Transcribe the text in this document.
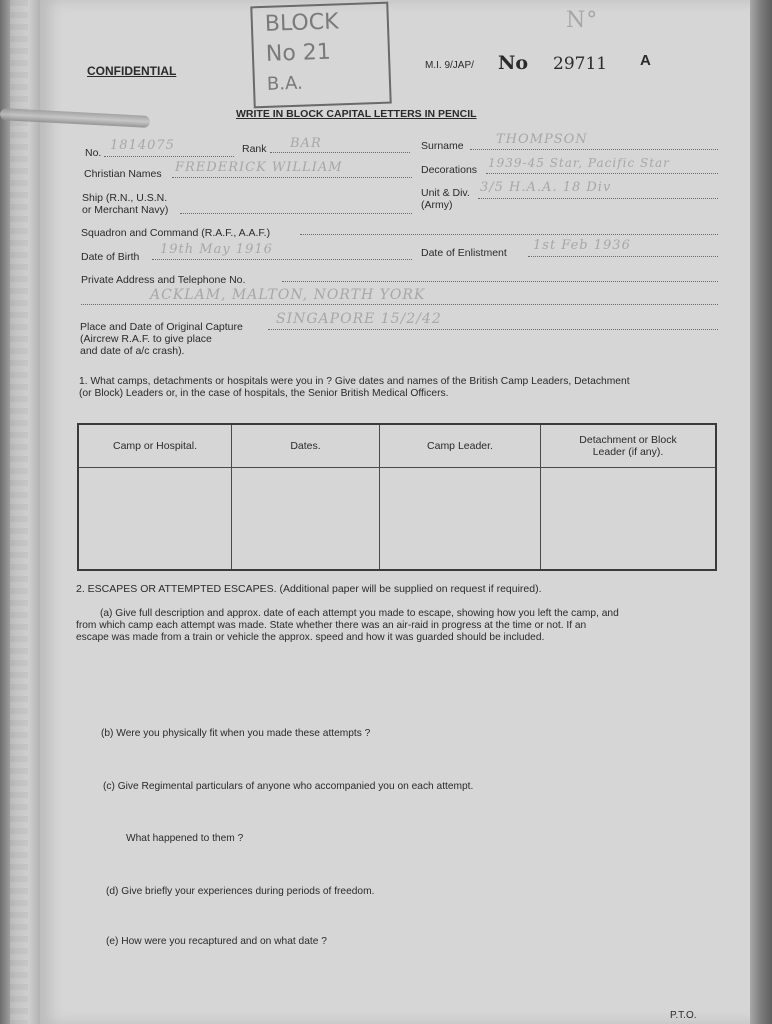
CONFIDENTIAL	M.I. 9/JAP/ No 29711 A
N°
WRITE IN BLOCK CAPITAL LETTERS IN PENCIL
BLOCK
No 21
B.A.
No. 1814075	Rank BAR	Surname THOMPSON
Christian Names FREDERICK WILLIAM	Decorations 1939-45 Star, Pacific Star
Ship (R.N., U.S.N.
or Merchant Navy)
Unit & Div.
(Army)
3/5 H.A.A. 18 Div
Squadron and Command (R.A.F., A.A.F.)
Date of Birth 19th May 1916	Date of Enlistment 1st Feb 1936
Private Address and Telephone No.
ACKLAM, MALTON, NORTH YORK
Place and Date of Original Capture
(Aircrew R.A.F. to give place
and date of a/c crash).
SINGAPORE 15/2/42
1. What camps, detachments or hospitals were you in ? Give dates and names of the British Camp Leaders, Detachment
(or Block) Leaders or, in the case of hospitals, the Senior British Medical Officers.
Camp or Hospital.	Dates.	Camp Leader.	Detachment or Block Leader (if any).

2. ESCAPES OR ATTEMPTED ESCAPES. (Additional paper will be supplied on request if required).
(a) Give full description and approx. date of each attempt you made to escape, showing how you left the camp, and
from which camp each attempt was made. State whether there was an air-raid in progress at the time or not. If an
escape was made from a train or vehicle the approx. speed and how it was guarded should be included.
(b) Were you physically fit when you made these attempts ?
(c) Give Regimental particulars of anyone who accompanied you on each attempt.
What happened to them ?
(d) Give briefly your experiences during periods of freedom.
(e) How were you recaptured and on what date ?
P.T.O.
